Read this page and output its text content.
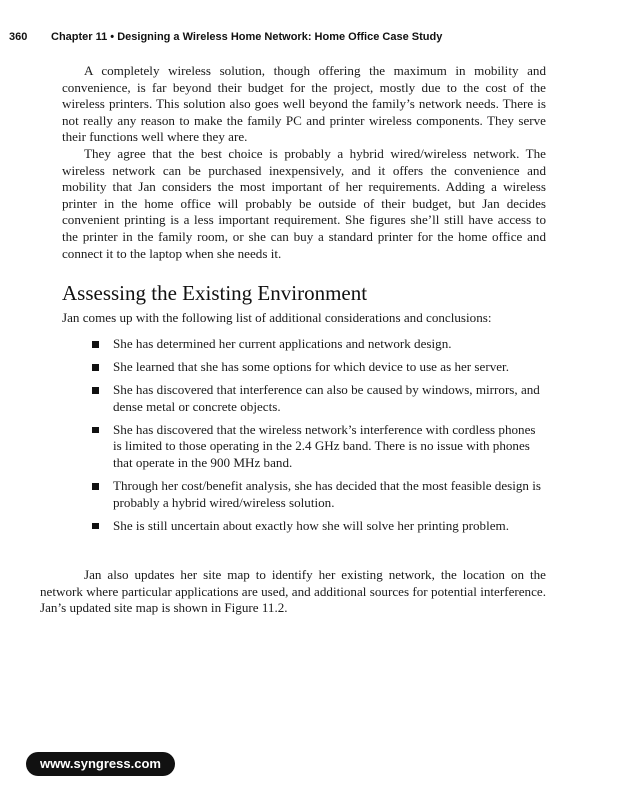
360 Chapter 11 • Designing a Wireless Home Network: Home Office Case Study

A completely wireless solution, though offering the maximum in mobility and convenience, is far beyond their budget for the project, mostly due to the cost of the wireless printers. This solution also goes well beyond the family’s network needs. There is not really any reason to make the family PC and printer wireless components. They serve their functions well where they are.

They agree that the best choice is probably a hybrid wired/wireless network. The wireless network can be purchased inexpensively, and it offers the convenience and mobility that Jan considers the most important of her requirements. Adding a wireless printer in the home office will probably be outside of their budget, but Jan decides convenient printing is a less important requirement. She figures she’ll still have access to the printer in the family room, or she can buy a standard printer for the home office and connect it to the laptop when she needs it.

Assessing the Existing Environment

Jan comes up with the following list of additional considerations and conclusions:

She has determined her current applications and network design.
She learned that she has some options for which device to use as her server.
She has discovered that interference can also be caused by windows, mirrors, and dense metal or concrete objects.
She has discovered that the wireless network’s interference with cordless phones is limited to those operating in the 2.4 GHz band. There is no issue with phones that operate in the 900 MHz band.
Through her cost/benefit analysis, she has decided that the most feasible design is probably a hybrid wired/wireless solution.
She is still uncertain about exactly how she will solve her printing problem.

Jan also updates her site map to identify her existing network, the location on the network where particular applications are used, and additional sources for potential interference. Jan’s updated site map is shown in Figure 11.2.

www.syngress.com
